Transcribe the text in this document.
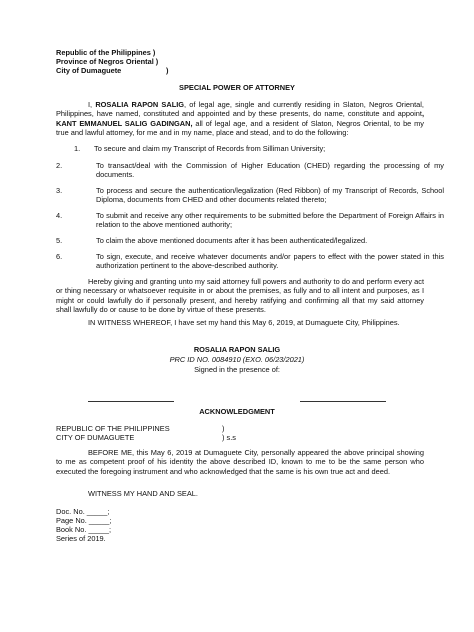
Republic of the Philippines )
Province of Negros Oriental )
City of Dumaguete	)
SPECIAL POWER OF ATTORNEY
I, ROSALIA RAPON SALIG, of legal age, single and currently residing in Slaton, Negros Oriental, Philippines, have named, constituted and appointed and by these presents, do name, constitute and appoint, KANT EMMANUEL SALIG GADINGAN, all of legal age, and a resident of Slaton, Negros Oriental, to be my true and lawful attorney, for me and in my name, place and stead, and to do the following:
1. To secure and claim my Transcript of Records from Silliman University;
2.	To transact/deal with the Commission of Higher Education (CHED) regarding the processing of my documents.
3.	To process and secure the authentication/legalization (Red Ribbon) of my Transcript of Records, School Diploma, documents from CHED and other documents related thereto;
4.	To submit and receive any other requirements to be submitted before the Department of Foreign Affairs in relation to the above mentioned authority;
5.	To claim the above mentioned documents after it has been authenticated/legalized.
6.	To sign, execute, and receive whatever documents and/or papers to effect with the power stated in this authorization pertinent to the above-described authority.
Hereby giving and granting unto my said attorney full powers and authority to do and perform every act or thing necessary or whatsoever requisite in or about the premises, as fully and to all intent and purposes, as I might or could lawfully do if personally present, and hereby ratifying and confirming all that my said attorney shall lawfully do or cause to be done by virtue of these presents.
IN WITNESS WHEREOF, I have set my hand this May 6, 2019, at Dumaguete City, Philippines.
ROSALIA RAPON SALIG
PRC ID NO. 0084910 (EXO. 06/23/2021)
Signed in the presence of:
ACKNOWLEDGMENT
REPUBLIC OF THE PHILIPPINES	)
CITY OF DUMAGUETE	) s.s
BEFORE ME, this May 6, 2019 at Dumaguete City, personally appeared the above principal showing to me as competent proof of his identity the above described ID, known to me to be the same person who executed the foregoing instrument and who acknowledged that the same is his own true act and deed.
WITNESS MY HAND AND SEAL.
Doc. No. _____;
Page No. _____;
Book No. _____;
Series of 2019.
